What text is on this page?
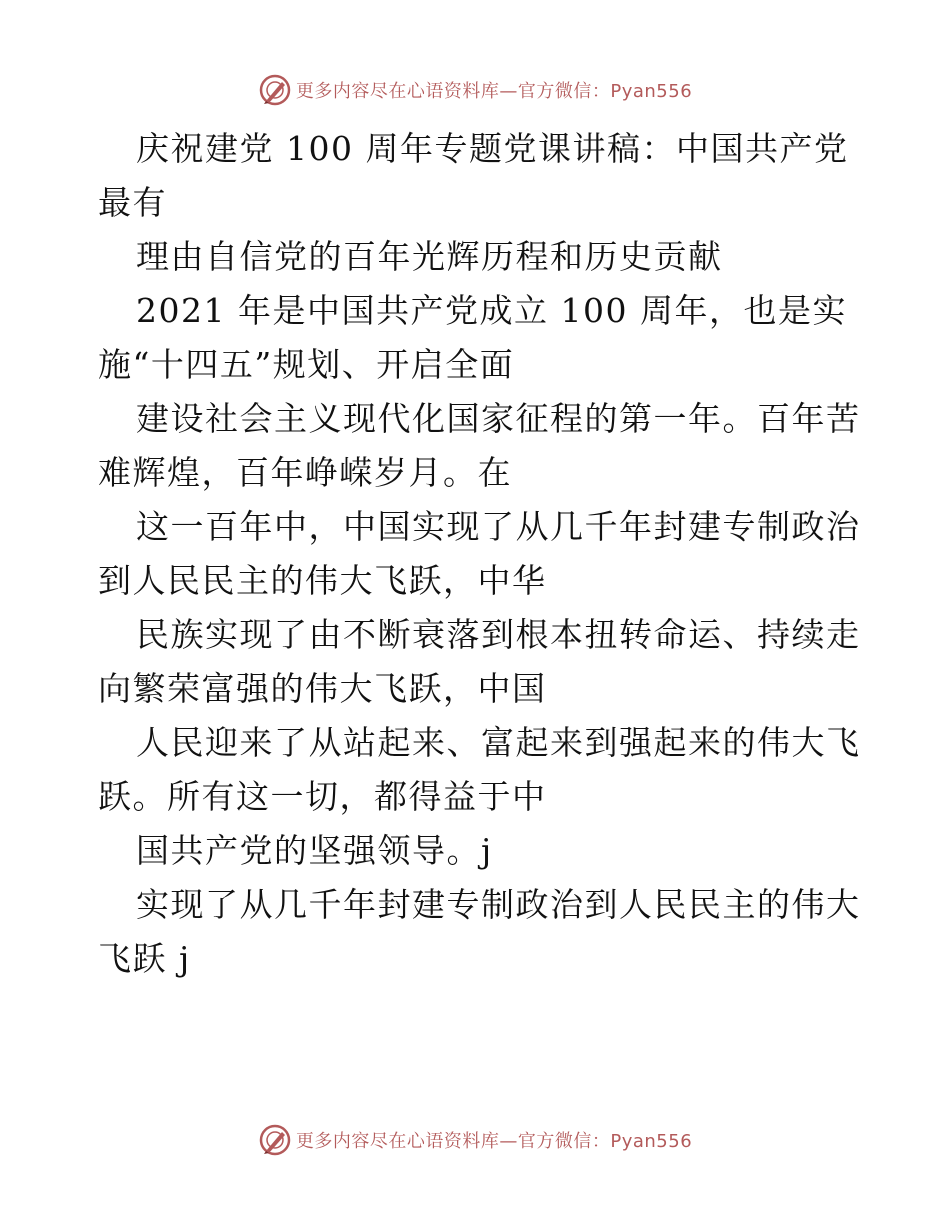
更多内容尽在心语资料库—官方微信：Pyan556
庆祝建党 100 周年专题党课讲稿：中国共产党
最有
理由自信党的百年光辉历程和历史贡献
2021 年是中国共产党成立 100 周年，也是实
施“十四五”规划、开启全面
建设社会主义现代化国家征程的第一年。百年苦
难辉煌，百年峥嵘岁月。在
这一百年中，中国实现了从几千年封建专制政治
到人民民主的伟大飞跃，中华
民族实现了由不断衰落到根本扭转命运、持续走
向繁荣富强的伟大飞跃，中国
人民迎来了从站起来、富起来到强起来的伟大飞
跃。所有这一切，都得益于中
国共产党的坚强领导。j
实现了从几千年封建专制政治到人民民主的伟大
飞跃 j
更多内容尽在心语资料库—官方微信：Pyan556
